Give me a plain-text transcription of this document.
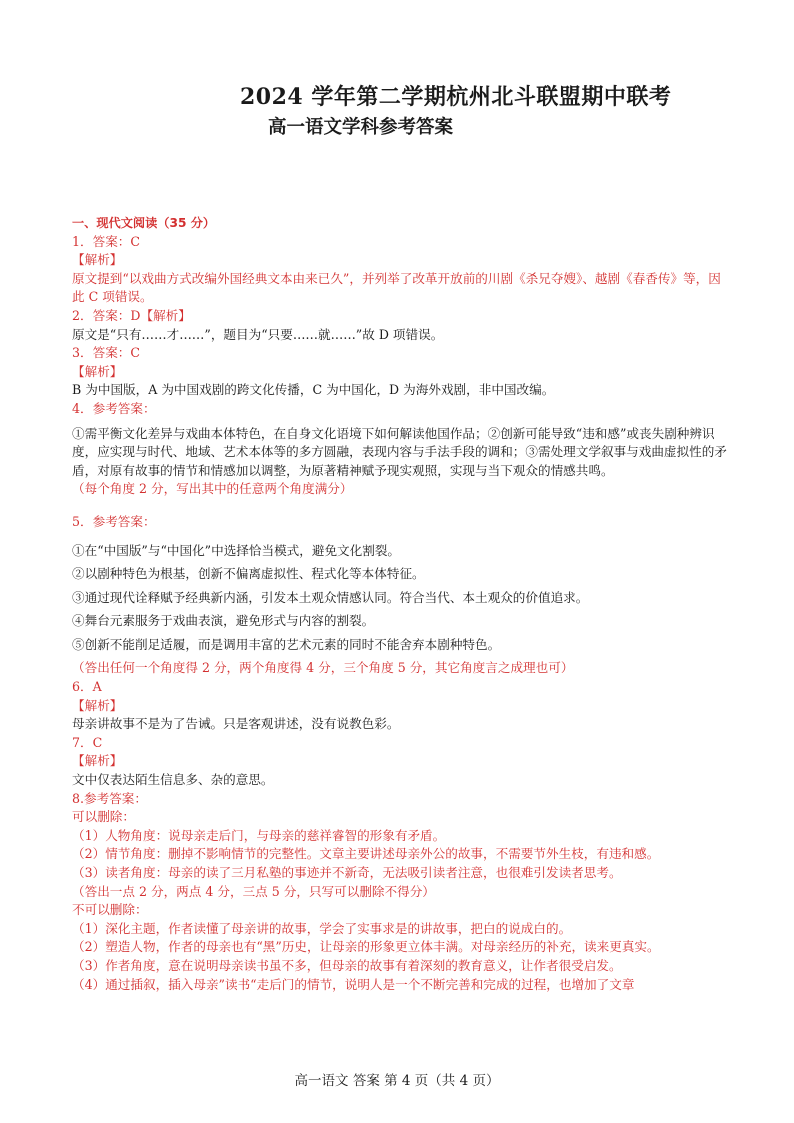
2024 学年第二学期杭州北斗联盟期中联考
高一语文学科参考答案
一、现代文阅读（35 分）
1．答案：C
【解析】
原文提到“以戏曲方式改编外国经典文本由来已久”，并列举了改革开放前的川剧《杀兄夺嫂》、越剧《春香传》等，因此 C 项错误。
2．答案：D【解析】
原文是“只有……才……”，题目为“只要……就……”故 D 项错误。
3．答案：C
【解析】
B 为中国版，A 为中国戏剧的跨文化传播，C 为中国化，D 为海外戏剧，非中国改编。
4．参考答案：
①需平衡文化差异与戏曲本体特色，在自身文化语境下如何解读他国作品；②创新可能导致“违和感”或丧失剧种辨识度，应实现与时代、地域、艺术本体等的多方圆融，表现内容与手法手段的调和；③需处理文学叙事与戏曲虚拟性的矛盾，对原有故事的情节和情感加以调整，为原著精神赋予现实观照，实现与当下观众的情感共鸣。
（每个角度 2 分，写出其中的任意两个角度满分）
5．参考答案：
①在“中国版”与“中国化”中选择恰当模式，避免文化割裂。
②以剧种特色为根基，创新不偏离虚拟性、程式化等本体特征。
③通过现代诠释赋予经典新内涵，引发本土观众情感认同。符合当代、本土观众的价值追求。
④舞台元素服务于戏曲表演，避免形式与内容的割裂。
⑤创新不能削足适履，而是调用丰富的艺术元素的同时不能舍弃本剧种特色。
（答出任何一个角度得 2 分，两个角度得 4 分，三个角度 5 分，其它角度言之成理也可）
6．A
【解析】
母亲讲故事不是为了告诫。只是客观讲述，没有说教色彩。
7．C
【解析】
文中仅表达陌生信息多、杂的意思。
8.参考答案：
可以删除：
（1）人物角度：说母亲走后门，与母亲的慈祥睿智的形象有矛盾。
（2）情节角度：删掉不影响情节的完整性。文章主要讲述母亲外公的故事，不需要节外生枝，有违和感。
（3）读者角度：母亲的读了三月私塾的事迹并不新奇，无法吸引读者注意，也很难引发读者思考。
（答出一点 2 分，两点 4 分，三点 5 分，只写可以删除不得分）
不可以删除：
（1）深化主题，作者读懂了母亲讲的故事，学会了实事求是的讲故事，把白的说成白的。
（2）塑造人物，作者的母亲也有“黑”历史，让母亲的形象更立体丰满。对母亲经历的补充，读来更真实。
（3）作者角度，意在说明母亲读书虽不多，但母亲的故事有着深刻的教育意义，让作者很受启发。
（4）通过插叙，插入母亲”读书“走后门的情节，说明人是一个不断完善和完成的过程，也增加了文章
高一语文 答案 第 4 页（共 4 页）
